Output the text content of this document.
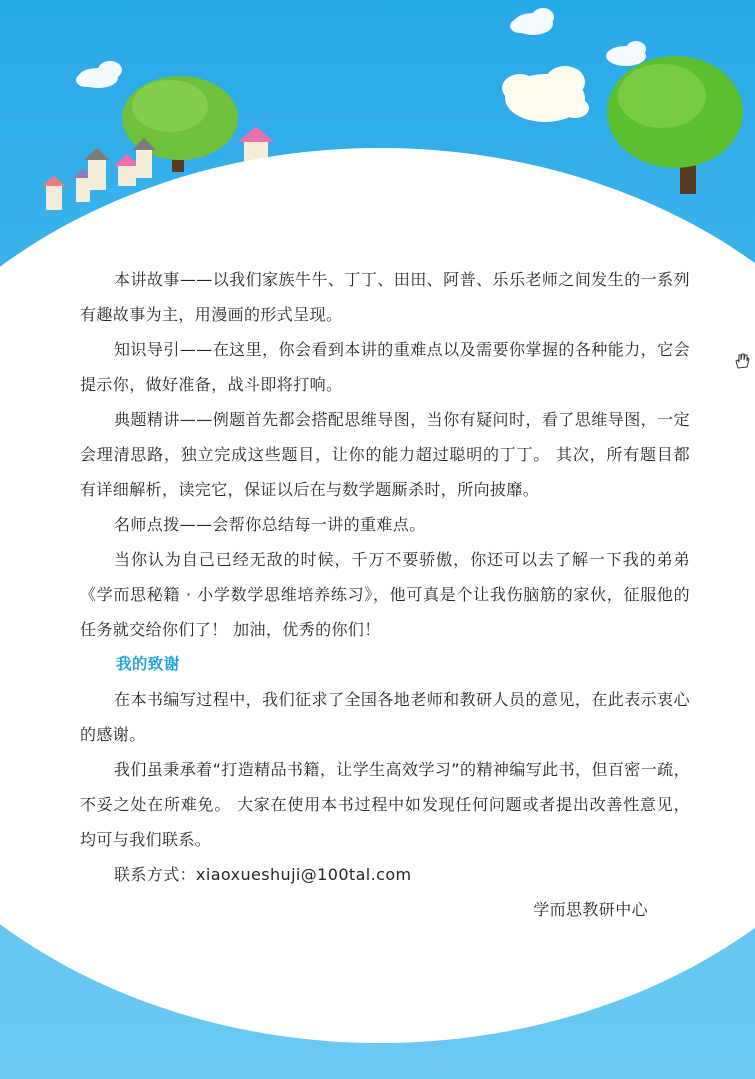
本讲故事——以我们家族牛牛、丁丁、田田、阿普、乐乐老师之间发生的一系列有趣故事为主，用漫画的形式呈现。

知识导引——在这里，你会看到本讲的重难点以及需要你掌握的各种能力，它会提示你，做好准备，战斗即将打响。

典题精讲——例题首先都会搭配思维导图，当你有疑问时，看了思维导图，一定会理清思路，独立完成这些题目，让你的能力超过聪明的丁丁。 其次，所有题目都有详细解析，读完它，保证以后在与数学题厮杀时，所向披靡。

名师点拨——会帮你总结每一讲的重难点。

当你认为自己已经无敌的时候，千万不要骄傲，你还可以去了解一下我的弟弟《学而思秘籍 · 小学数学思维培养练习》，他可真是个让我伤脑筋的家伙，征服他的任务就交给你们了！ 加油，优秀的你们！

我的致谢

在本书编写过程中，我们征求了全国各地老师和教研人员的意见，在此表示衷心的感谢。

我们虽秉承着“打造精品书籍，让学生高效学习”的精神编写此书，但百密一疏，不妥之处在所难免。 大家在使用本书过程中如发现任何问题或者提出改善性意见，均可与我们联系。

联系方式：xiaoxueshuji@100tal.com

学而思教研中心
